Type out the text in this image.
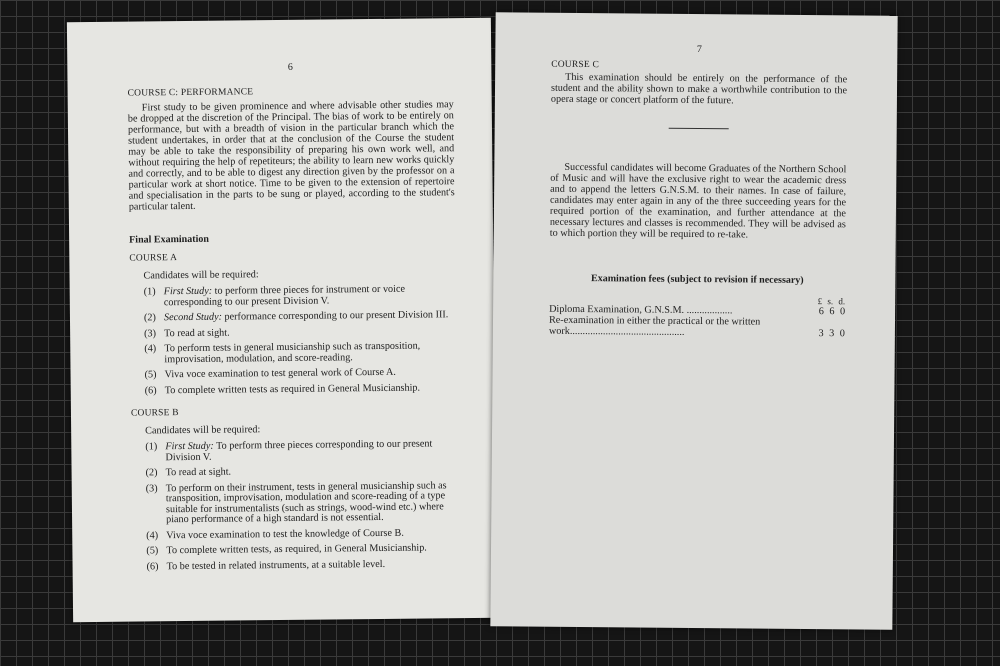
6
COURSE C: PERFORMANCE

First study to be given prominence and where advisable other studies may be dropped at the discretion of the Principal. The bias of work to be entirely on performance, but with a breadth of vision in the particular branch which the student undertakes, in order that at the conclusion of the Course the student may be able to take the responsibility of preparing his own work well, and without requiring the help of repetiteurs; the ability to learn new works quickly and correctly, and to be able to digest any direction given by the professor on a particular work at short notice. Time to be given to the extension of repertoire and specialisation in the parts to be sung or played, according to the student's particular talent.

Final Examination
COURSE A
Candidates will be required:
(1) First Study: to perform three pieces for instrument or voice corresponding to our present Division V.
(2) Second Study: performance corresponding to our present Division III.
(3) To read at sight.
(4) To perform tests in general musicianship such as transposition, improvisation, modulation, and score-reading.
(5) Viva voce examination to test general work of Course A.
(6) To complete written tests as required in General Musicianship.
COURSE B
Candidates will be required:
(1) First Study: To perform three pieces corresponding to our present Division V.
(2) To read at sight.
(3) To perform on their instrument, tests in general musicianship such as transposition, improvisation, modulation and score-reading of a type suitable for instrumentalists (such as strings, wood-wind etc.) where piano performance of a high standard is not essential.
(4) Viva voce examination to test the knowledge of Course B.
(5) To complete written tests, as required, in General Musicianship.
(6) To be tested in related instruments, at a suitable level.
7
COURSE C

This examination should be entirely on the performance of the student and the ability shown to make a worthwhile contribution to the opera stage or concert platform of the future.

Successful candidates will become Graduates of the Northern School of Music and will have the exclusive right to wear the academic dress and to append the letters G.N.S.M. to their names. In case of failure, candidates may enter again in any of the three succeeding years for the required portion of the examination, and further attendance at the necessary lectures and classes is recommended. They will be advised as to which portion they will be required to re-take.

Examination fees (subject to revision if necessary)
£ s. d.
Diploma Examination, G.N.S.M. ..................	6 6 0
Re-examination in either the practical or the written work.............................................	3 3 0
